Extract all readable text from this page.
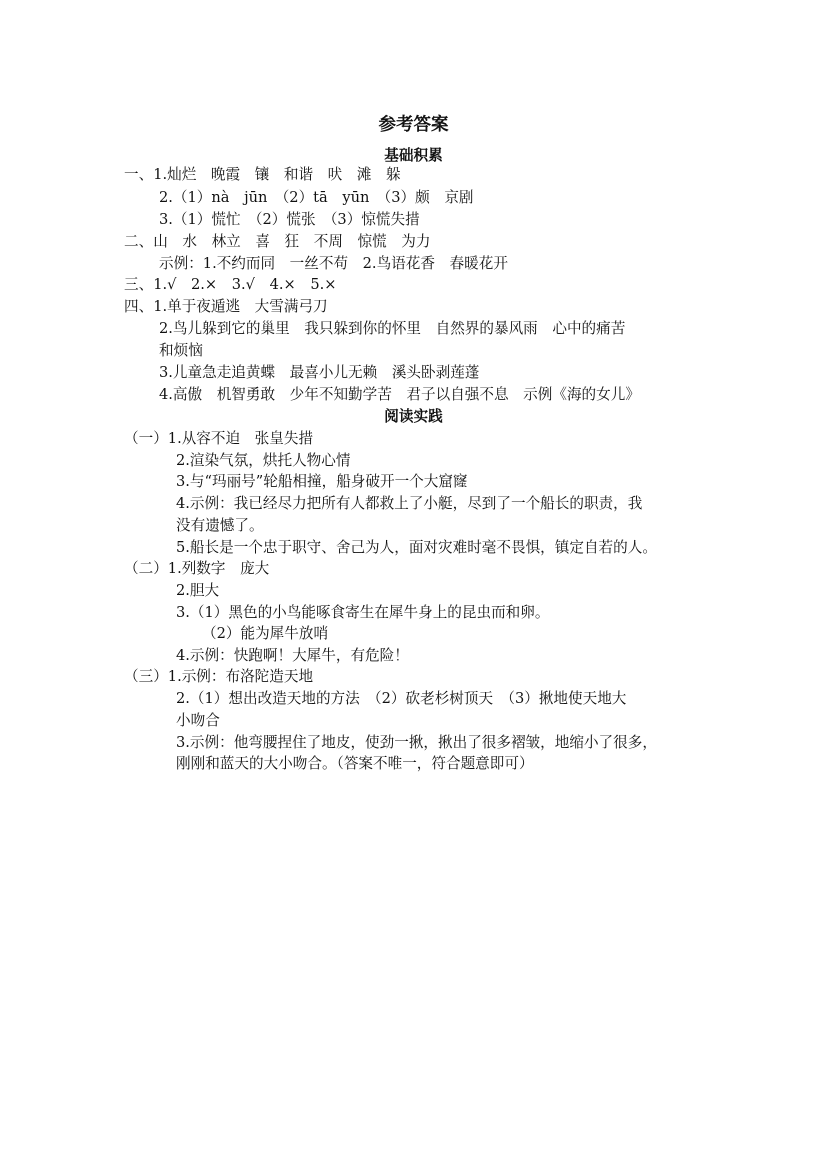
参考答案
基础积累
一、1.灿烂　晚霞　镶　和谐　吠　滩　躲
2.（1）nà　jūn　（2）tā　yūn　（3）颇　京剧
3.（1）慌忙　（2）慌张　（3）惊慌失措
二、山　水　林立　喜　狂　不周　惊慌　为力
示例：1.不约而同　一丝不苟　2.鸟语花香　春暖花开
三、1.√　2.×　3.√　4.×　5.×
四、1.单于夜遁逃　大雪满弓刀
2.鸟儿躲到它的巢里　我只躲到你的怀里　自然界的暴风雨　心中的痛苦
和烦恼
3.儿童急走追黄蝶　最喜小儿无赖　溪头卧剥莲蓬
4.高傲　机智勇敢　少年不知勤学苦　君子以自强不息　示例《海的女儿》
阅读实践
（一）1.从容不迫　张皇失措
2.渲染气氛，烘托人物心情
3.与“玛丽号”轮船相撞，船身破开一个大窟窿
4.示例：我已经尽力把所有人都救上了小艇，尽到了一个船长的职责，我
没有遗憾了。
5.船长是一个忠于职守、舍己为人，面对灾难时毫不畏惧，镇定自若的人。
（二）1.列数字　庞大
2.胆大
3.（1）黑色的小鸟能啄食寄生在犀牛身上的昆虫而和卵。
（2）能为犀牛放哨
4.示例：快跑啊！大犀牛，有危险！
（三）1.示例：布洛陀造天地
2.（1）想出改造天地的方法　（2）砍老杉树顶天　（3）揪地使天地大
小吻合
3.示例：他弯腰捏住了地皮，使劲一揪，揪出了很多褶皱，地缩小了很多，
刚刚和蓝天的大小吻合。（答案不唯一，符合题意即可）
